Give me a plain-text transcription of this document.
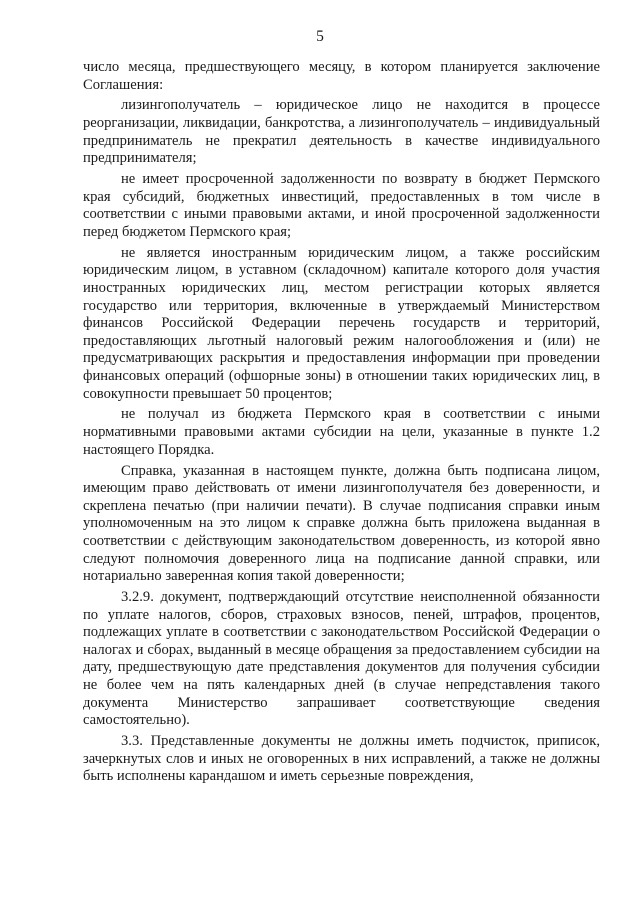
5

число месяца, предшествующего месяцу, в котором планируется заключение Соглашения:

лизингополучатель – юридическое лицо не находится в процессе реорганизации, ликвидации, банкротства, а лизингополучатель – индивидуальный предприниматель не прекратил деятельность в качестве индивидуального предпринимателя;

не имеет просроченной задолженности по возврату в бюджет Пермского края субсидий, бюджетных инвестиций, предоставленных в том числе в соответствии с иными правовыми актами, и иной просроченной задолженности перед бюджетом Пермского края;

не является иностранным юридическим лицом, а также российским юридическим лицом, в уставном (складочном) капитале которого доля участия иностранных юридических лиц, местом регистрации которых является государство или территория, включенные в утверждаемый Министерством финансов Российской Федерации перечень государств и территорий, предоставляющих льготный налоговый режим налогообложения и (или) не предусматривающих раскрытия и предоставления информации при проведении финансовых операций (офшорные зоны) в отношении таких юридических лиц, в совокупности превышает 50 процентов;

не получал из бюджета Пермского края в соответствии с иными нормативными правовыми актами субсидии на цели, указанные в пункте 1.2 настоящего Порядка.

Справка, указанная в настоящем пункте, должна быть подписана лицом, имеющим право действовать от имени лизингополучателя без доверенности, и скреплена печатью (при наличии печати). В случае подписания справки иным уполномоченным на это лицом к справке должна быть приложена выданная в соответствии с действующим законодательством доверенность, из которой явно следуют полномочия доверенного лица на подписание данной справки, или нотариально заверенная копия такой доверенности;

3.2.9. документ, подтверждающий отсутствие неисполненной обязанности по уплате налогов, сборов, страховых взносов, пеней, штрафов, процентов, подлежащих уплате в соответствии с законодательством Российской Федерации о налогах и сборах, выданный в месяце обращения за предоставлением субсидии на дату, предшествующую дате представления документов для получения субсидии не более чем на пять календарных дней (в случае непредставления такого документа Министерство запрашивает соответствующие сведения самостоятельно).

3.3. Представленные документы не должны иметь подчисток, приписок, зачеркнутых слов и иных не оговоренных в них исправлений, а также не должны быть исполнены карандашом и иметь серьезные повреждения,
